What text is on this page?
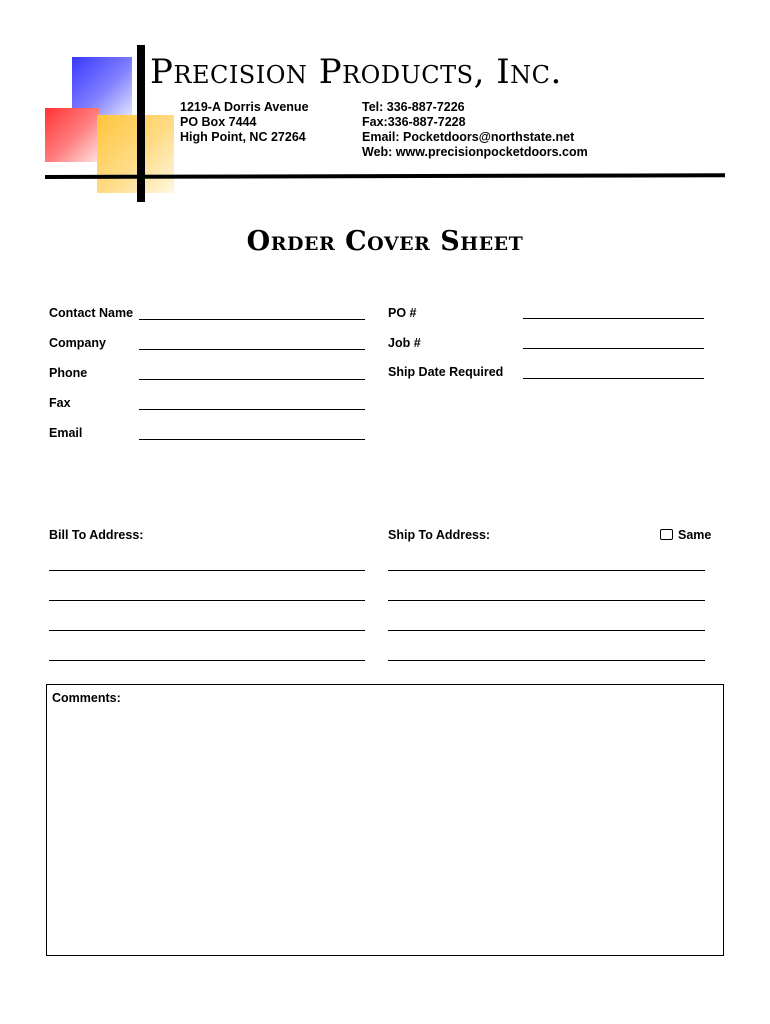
Precision Products, Inc.
1219-A Dorris Avenue
PO Box 7444
High Point, NC 27264
Tel: 336-887-7226
Fax:336-887-7228
Email: Pocketdoors@northstate.net
Web: www.precisionpocketdoors.com
Order Cover Sheet
Contact Name
Company
Phone
Fax
Email
PO #
Job #
Ship Date Required
Bill To Address:	Ship To Address:	Same
Comments:
